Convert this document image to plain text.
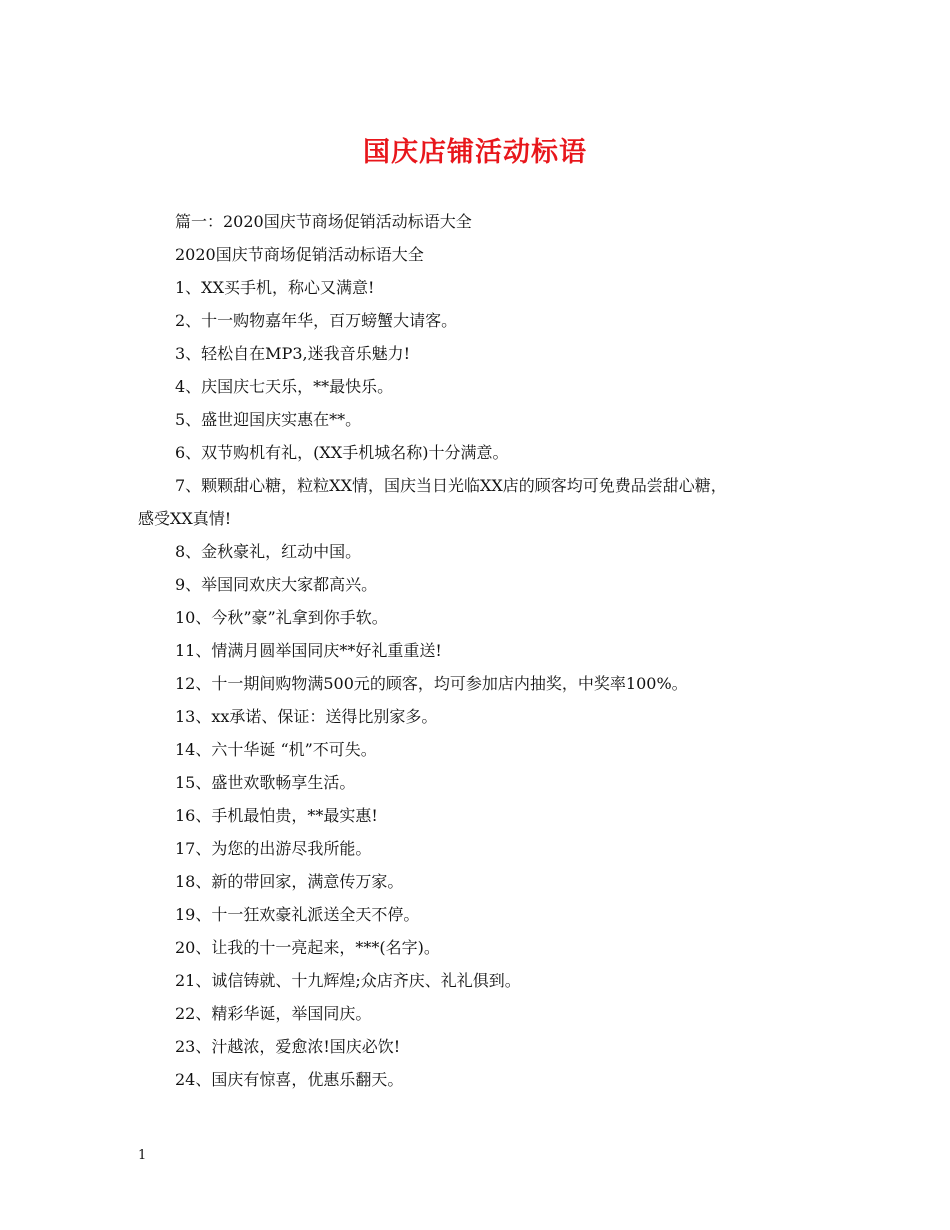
国庆店铺活动标语

篇一：2020国庆节商场促销活动标语大全

2020国庆节商场促销活动标语大全

1、XX买手机，称心又满意!

2、十一购物嘉年华，百万螃蟹大请客。

3、轻松自在MP3,迷我音乐魅力!

4、庆国庆七天乐，**最快乐。

5、盛世迎国庆实惠在**。

6、双节购机有礼，(XX手机城名称)十分满意。

7、颗颗甜心糖，粒粒XX情，国庆当日光临XX店的顾客均可免费品尝甜心糖，
感受XX真情!

8、金秋豪礼，红动中国。

9、举国同欢庆大家都高兴。

10、今秋”豪”礼拿到你手软。

11、情满月圆举国同庆**好礼重重送!

12、十一期间购物满500元的顾客，均可参加店内抽奖，中奖率100%。

13、xx承诺、保证：送得比别家多。

14、六十华诞 “机”不可失。

15、盛世欢歌畅享生活。

16、手机最怕贵，**最实惠!

17、为您的出游尽我所能。

18、新的带回家，满意传万家。

19、十一狂欢豪礼派送全天不停。

20、让我的十一亮起来，***(名字)。

21、诚信铸就、十九辉煌;众店齐庆、礼礼俱到。

22、精彩华诞，举国同庆。

23、汁越浓，爱愈浓!国庆必饮!

24、国庆有惊喜，优惠乐翻天。

1
